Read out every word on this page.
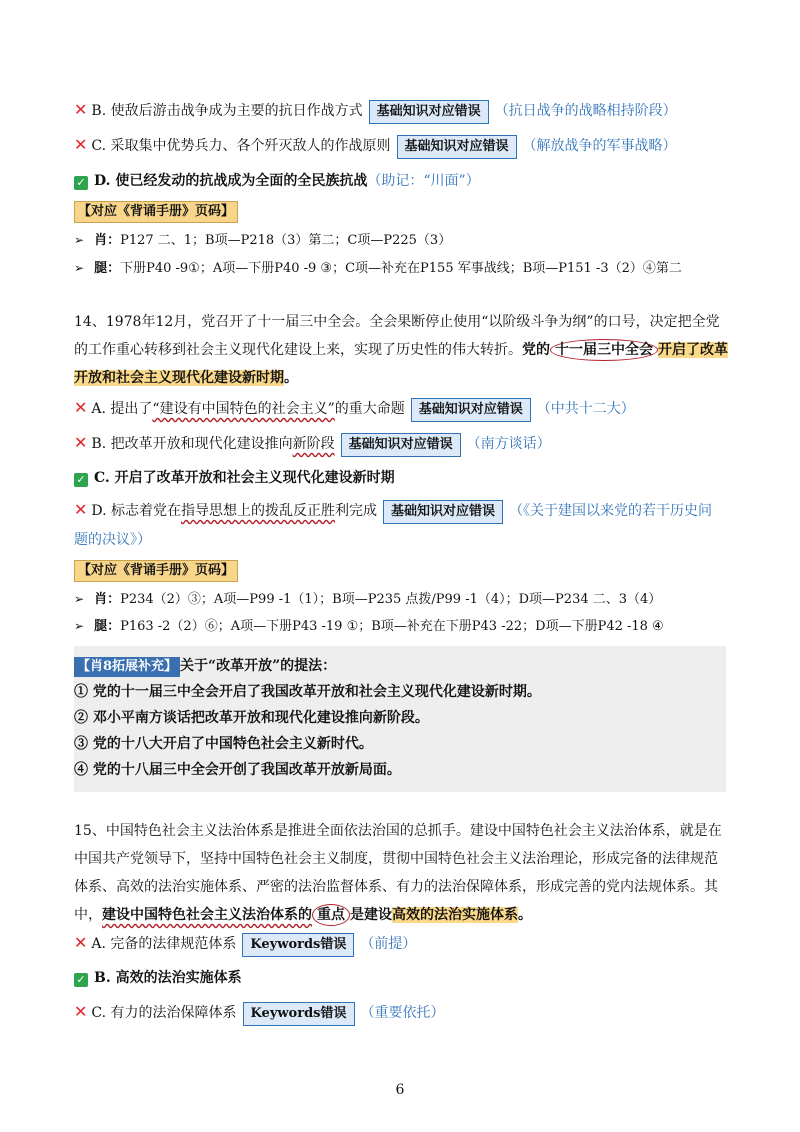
✕ B. 使敌后游击战争成为主要的抗日作战方式 基础知识对应错误 （抗日战争的战略相持阶段）
✕ C. 采取集中优势兵力、各个歼灭敌人的作战原则 基础知识对应错误 （解放战争的军事战略）
✓ D. 使已经发动的抗战成为全面的全民族抗战（助记：“川面”）
【对应《背诵手册》页码】
➢ 肖：P127 二、1；B项—P218（3）第二；C项—P225（3）
➢ 腿：下册P40 -9①；A项—下册P40 -9 ③；C项—补充在P155 军事战线；B项—P151 -3（2）④第二
14、1978年12月，党召开了十一届三中全会。全会果断停止使用“以阶级斗争为纲”的口号，决定把全党
的工作重心转移到社会主义现代化建设上来，实现了历史性的伟大转折。党的 十一届三中全会 开启了改革
开放和社会主义现代化建设新时期。
✕ A. 提出了“建设有中国特色的社会主义”的重大命题 基础知识对应错误 （中共十二大）
✕ B. 把改革开放和现代化建设推向新阶段 基础知识对应错误 （南方谈话）
✓ C. 开启了改革开放和社会主义现代化建设新时期
✕ D. 标志着党在指导思想上的拨乱反正胜利完成 基础知识对应错误 （《关于建国以来党的若干历史问
题的决议》）
【对应《背诵手册》页码】
➢ 肖：P234（2）③；A项—P99 -1（1）；B项—P235 点拨/P99 -1（4）；D项—P234 二、3（4）
➢ 腿：P163 -2（2）⑥；A项—下册P43 -19 ①；B项—补充在下册P43 -22；D项—下册P42 -18 ④
【肖8拓展补充】 关于“改革开放”的提法：
① 党的十一届三中全会开启了我国改革开放和社会主义现代化建设新时期。
② 邓小平南方谈话把改革开放和现代化建设推向新阶段。
③ 党的十八大开启了中国特色社会主义新时代。
④ 党的十八届三中全会开创了我国改革开放新局面。
15、中国特色社会主义法治体系是推进全面依法治国的总抓手。建设中国特色社会主义法治体系，就是在
中国共产党领导下，坚持中国特色社会主义制度，贯彻中国特色社会主义法治理论，形成完备的法律规范
体系、高效的法治实施体系、严密的法治监督体系、有力的法治保障体系，形成完善的党内法规体系。其
中，建设中国特色社会主义法治体系的 重点 是建设高效的法治实施体系。
✕ A. 完备的法律规范体系 Keywords错误 （前提）
✓ B. 高效的法治实施体系
✕ C. 有力的法治保障体系 Keywords错误 （重要依托）
6
